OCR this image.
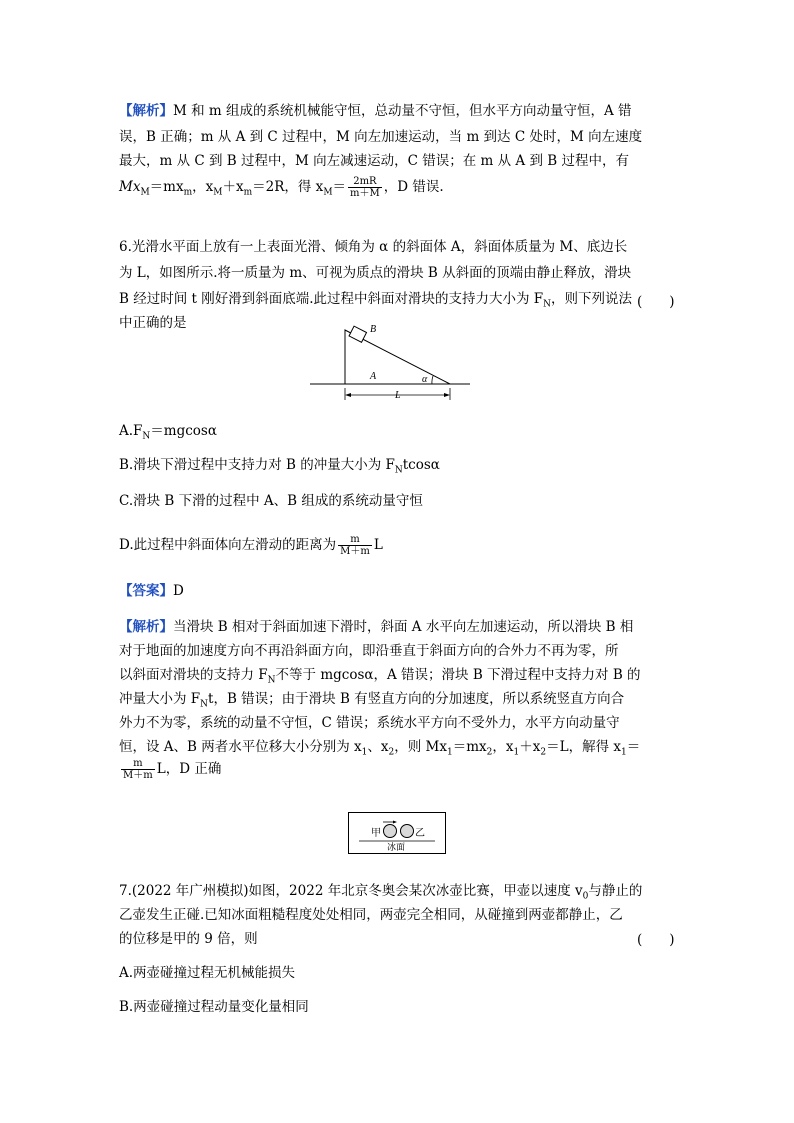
【解析】M 和 m 组成的系统机械能守恒，总动量不守恒，但水平方向动量守恒，A 错
误，B 正确；m 从 A 到 C 过程中，M 向左加速运动，当 m 到达 C 处时，M 向左速度
最大，m 从 C 到 B 过程中，M 向左减速运动，C 错误；在 m 从 A 到 B 过程中，有
$Mx_M=mx_m$，$x_M+x_m=2R$，得 $x_M= \frac{2mR}{m+M}$ ，D 错误.
6.光滑水平面上放有一上表面光滑、倾角为 α 的斜面体 A，斜面体质量为 M、底边长
为 L，如图所示.将一质量为 m、可视为质点的滑块 B 从斜面的顶端由静止释放，滑块
B 经过时间 t 刚好滑到斜面底端.此过程中斜面对滑块的支持力大小为 $F_N$，则下列说法
中正确的是
(　　)
B
A	α
L
$A.F_N=mgcos\alpha$
B.滑块下滑过程中支持力对 B 的冲量大小为 $F_Ntcos\alpha$
C.滑块 B 下滑的过程中 A、B 组成的系统动量守恒
D.此过程中斜面体向左滑动的距离为 $\frac{m}{M+m}$ L
【答案】D
【解析】当滑块 B 相对于斜面加速下滑时，斜面 A 水平向左加速运动，所以滑块 B 相
对于地面的加速度方向不再沿斜面方向，即沿垂直于斜面方向的合外力不再为零，所
以斜面对滑块的支持力 $F_N$不等于 mgcosα，A 错误；滑块 B 下滑过程中支持力对 B 的
冲量大小为 $F_Nt$，B 错误；由于滑块 B 有竖直方向的分加速度，所以系统竖直方向合
外力不为零，系统的动量不守恒，C 错误；系统水平方向不受外力，水平方向动量守
恒，设 A、B 两者水平位移大小分别为 $x_1$、$x_2$，则 $Mx_1=mx_2$，$x_1+x_2=L$，解得 $x_1=$
$\frac{m}{M+m}$ L，D 正确
甲	乙
冰面
7.(2022 年广州模拟)如图，2022 年北京冬奥会某次冰壶比赛，甲壶以速度 $v_0$与静止的
乙壶发生正碰.已知冰面粗糙程度处处相同，两壶完全相同，从碰撞到两壶都静止，乙
的位移是甲的 9 倍，则	(　　)
A.两壶碰撞过程无机械能损失
B.两壶碰撞过程动量变化量相同
